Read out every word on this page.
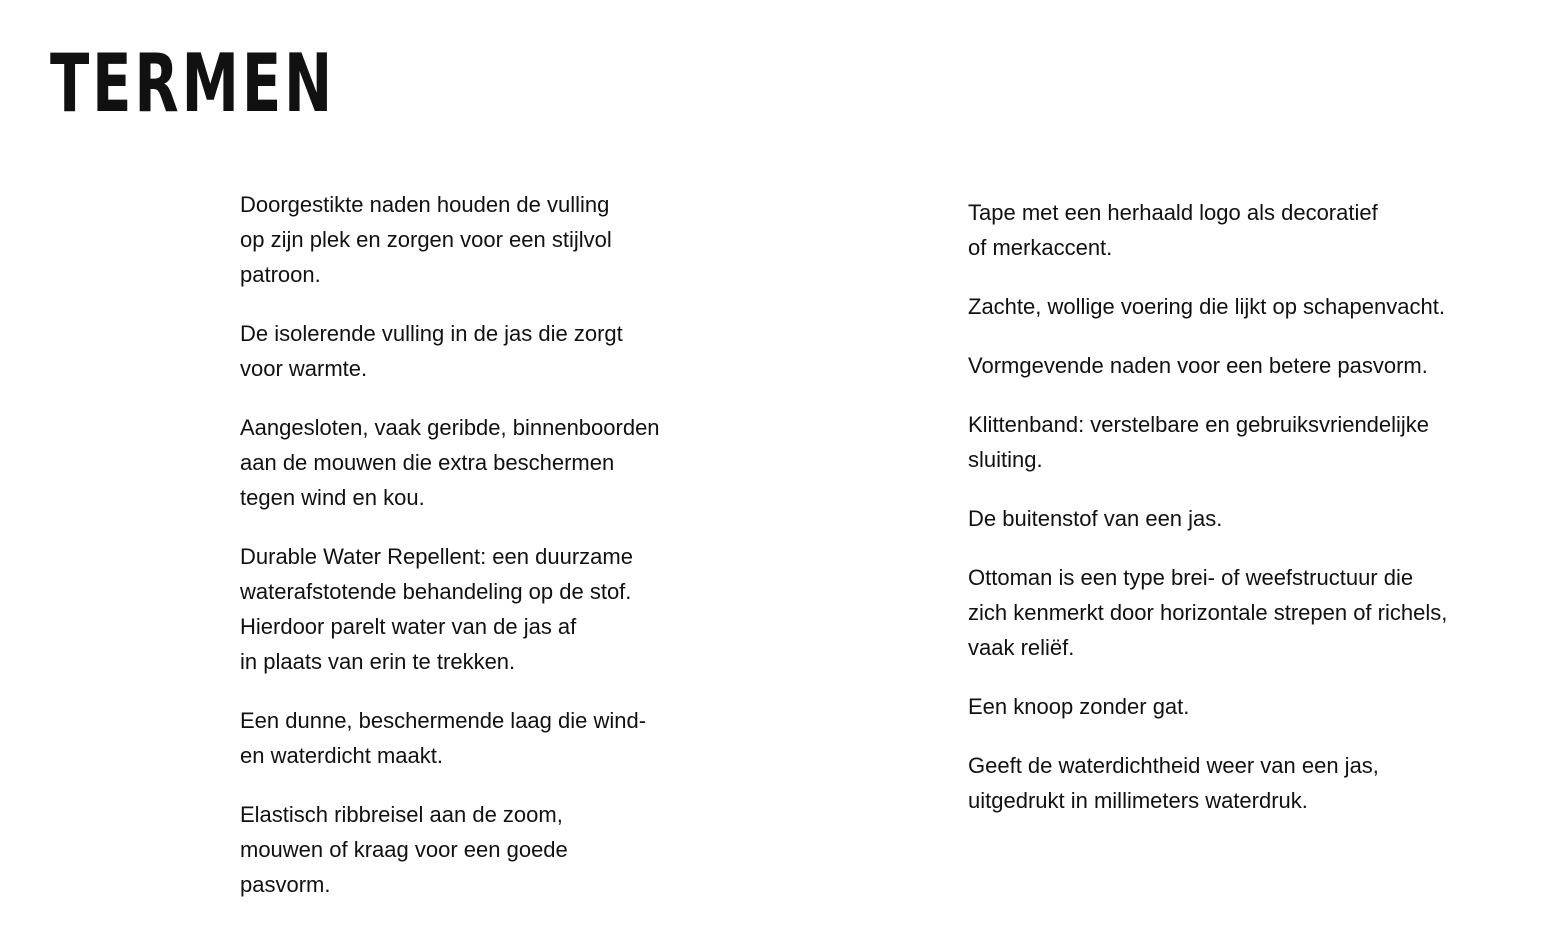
TERMEN
Doorgestikte naden houden de vulling
op zijn plek en zorgen voor een stijlvol
patroon.
De isolerende vulling in de jas die zorgt
voor warmte.
Aangesloten, vaak geribde, binnenboorden
aan de mouwen die extra beschermen
tegen wind en kou.
Durable Water Repellent: een duurzame
waterafstotende behandeling op de stof.
Hierdoor parelt water van de jas af
in plaats van erin te trekken.
Een dunne, beschermende laag die wind-
en waterdicht maakt.
Elastisch ribbreisel aan de zoom,
mouwen of kraag voor een goede
pasvorm.
Tape met een herhaald logo als decoratief
of merkaccent.
Zachte, wollige voering die lijkt op schapenvacht.
Vormgevende naden voor een betere pasvorm.
Klittenband: verstelbare en gebruiksvriendelijke
sluiting.
De buitenstof van een jas.
Ottoman is een type brei- of weefstructuur die
zich kenmerkt door horizontale strepen of richels,
vaak reliëf.
Een knoop zonder gat.
Geeft de waterdichtheid weer van een jas,
uitgedrukt in millimeters waterdruk.
